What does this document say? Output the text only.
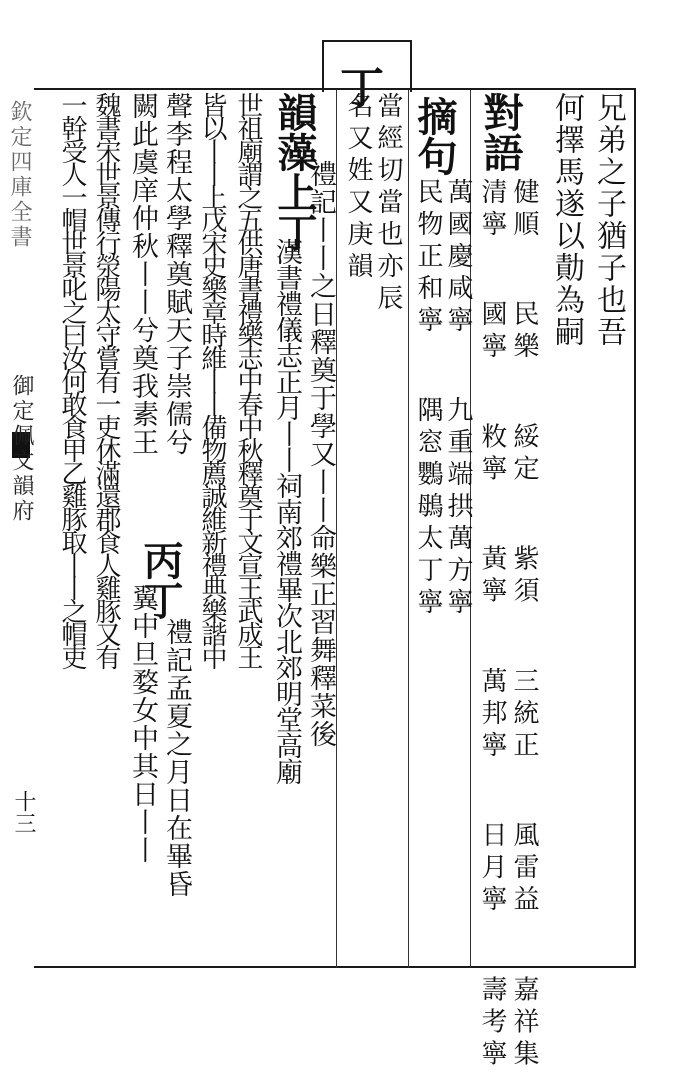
丁
兄弟之子猶子也吾
何擇馬遂以勣為嗣
對語
健順 民樂 綏定 紫須 三統正 風雷益 嘉祥集
清寧 國寧 敉寧 黃寧 萬邦寧 日月寧 壽考寧
摘句
萬國慶咸寧 九重端拱萬方寧
民物正和寧 隅窓鸚䳇太丁寧
當經切當也亦辰
名又姓又庚韻
韻藻上丁
禮記丨丨之日釋奠于學又丨丨命樂正習舞釋菜後
漢書禮儀志正月丨丨祠南郊禮畢次北郊明堂高廟
世祖廟謂之五供唐書禮樂志中春中秋釋奠于文宣王武成王
皆以丨丨上戊宋史樂章時維丨丨備物薦誠維新禮典樂諧中
聲李程太學釋奠賦天子崇儒兮
丙丁
禮記孟夏之月日在畢昏
闕此虞庠仲秋丨丨兮奠我素王
翼中旦婺女中其日丨丨
魏書宋世景傳行滎陽太守嘗有一吏休滿還郡食人雞豚又有
一幹受人一帽世景叱之曰汝何敢食甲乙雞豚取丨丨之帽吏
欽定四庫全書
御定佩文韻府
十三
